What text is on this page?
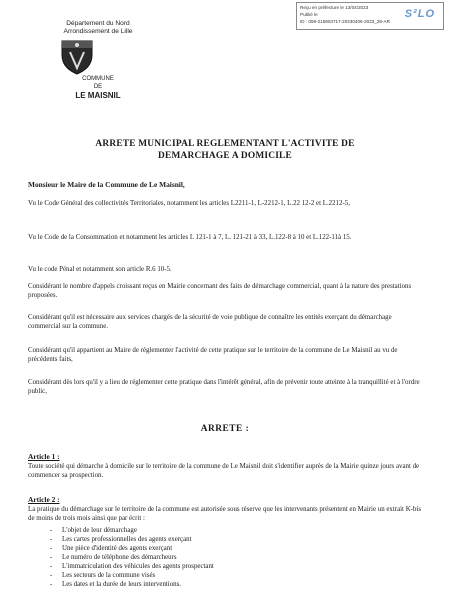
Reçu en préfecture le 13/04/2023
Publié le
ID : 059-215903717-20230406-2023_28-AR
S²LO
Département du Nord
Arrondissement de Lille
COMMUNE
DE
LE MAISNIL
ARRETE MUNICIPAL REGLEMENTANT L'ACTIVITE DE
DEMARCHAGE A DOMICILE
Monsieur le Maire de la Commune de Le Maisnil,
Vu le Code Général des collectivités Territoriales, notamment les articles L2211-1, L-2212-1, L.22 12-2 et L.2212-5,
Vu le Code de la Consommation et notamment les articles L 121-1 à 7, L. 121-21 à 33, L.122-8 à 10 et L.122-11à 15.
Vu le code Pénal et notamment son article R.6 10-5.
Considérant le nombre d'appels croissant reçus en Mairie concernant des faits de démarchage commercial, quant à la nature des prestations proposées.
Considérant qu'il est nécessaire aux services chargés de la sécurité de voie publique de connaître les entités exerçant du démarchage commercial sur la commune.
Considérant qu'il appartient au Maire de réglementer l'activité de cette pratique sur le territoire de la commune de Le Maisnil au vu de précédents faits,
Considérant dès lors qu'il y a lieu de réglementer cette pratique dans l'intérêt général, afin de prévenir toute atteinte à la tranquillité et à l'ordre public,
ARRETE :
Article 1 :
Toute société qui démarche à domicile sur le territoire de la commune de Le Maisnil doit s'identifier auprès de la Mairie quinze jours avant de commencer sa prospection.
Article 2 :
La pratique du démarchage sur le territoire de la commune est autorisée sous réserve que les intervenants présentent en Mairie un extrait K-bis de moins de trois mois ainsi que par écrit :
- L'objet de leur démarchage
- Les cartes professionnelles des agents exerçant
- Une pièce d'identité des agents exerçant
- Le numéro de téléphone des démarcheurs
- L'immatriculation des véhicules des agents prospectant
- Les secteurs de la commune visés
- Les dates et la durée de leurs interventions.
